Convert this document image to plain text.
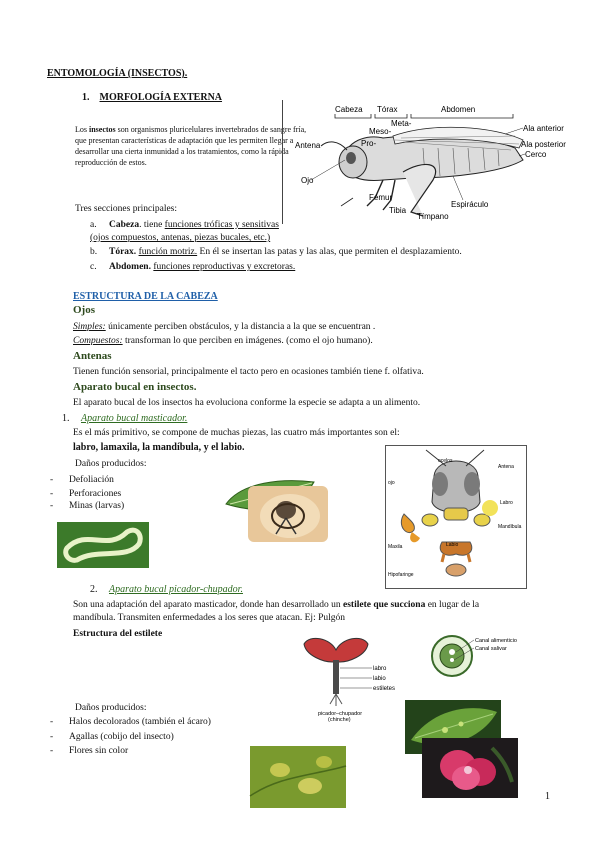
ENTOMOLOGÍA (INSECTOS).
1. MORFOLOGÍA EXTERNA
Los insectos son organismos pluricelulares invertebrados de sangre fría, que presentan características de adaptación que les permiten llegar a desarrollar una cierta inmunidad a los tratamientos, como la rápida reproducción de estos.
Cabeza Tórax	Abdomen
Meta-
Meso-
Pro-
Antena
Ojo
Ala anterior
Ala posterior
Cerco
Fémur
Tibia
Tímpano
Espiráculo
Tres secciones principales:
a. Cabeza. tiene funciones tróficas y sensitivas (ojos compuestos, antenas, piezas bucales, etc.)
b. Tórax. función motriz. En él se insertan las patas y las alas, que permiten el desplazamiento.
c. Abdomen. funciones reproductivas y excretoras.
ESTRUCTURA DE LA CABEZA
Ojos
Simples: únicamente perciben obstáculos, y la distancia a la que se encuentran .
Compuestos: transforman lo que perciben en imágenes. (como el ojo humano).
Antenas
Tienen función sensorial, principalmente el tacto pero en ocasiones también tiene f. olfativa.
Aparato bucal en insectos.
El aparato bucal de los insectos ha evoluciona conforme la especie se adapta a un alimento.
1. Aparato bucal masticador.
Es el más primitivo, se compone de muchas piezas, las cuatro más importantes son el:
labro, lamaxila, la mandíbula, y el labio.
Daños producidos:
- Defoliación
- Perforaciones
- Minas (larvas)
ocelos
Antena
ojo
Labro
Mandíbula
Maxila	Labio
Hipofaringe
2. Aparato bucal picador-chupador.
Son una adaptación del aparato masticador, donde han desarrollado un estilete que succiona en lugar de la mandíbula. Transmiten enfermedades a los seres que atacan. Ej: Pulgón
Estructura del estilete
labro
labio
estiletes
picador–chupador
(chinche)
Canal alimenticio
Canal salivar
Daños producidos:
- Halos decolorados (también el ácaro)
- Agallas (cobijo del insecto)
- Flores sin color
1
